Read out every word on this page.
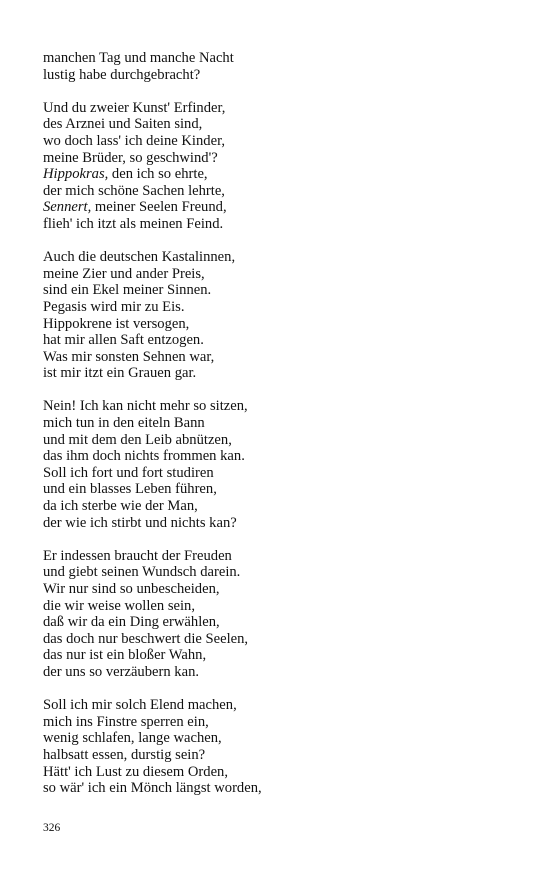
manchen Tag und manche Nacht
lustig habe durchgebracht?
Und du zweier Kunst' Erfinder,
des Arznei und Saiten sind,
wo doch lass' ich deine Kinder,
meine Brüder, so geschwind'?
Hippokras, den ich so ehrte,
der mich schöne Sachen lehrte,
Sennert, meiner Seelen Freund,
flieh' ich itzt als meinen Feind.
Auch die deutschen Kastalinnen,
meine Zier und ander Preis,
sind ein Ekel meiner Sinnen.
Pegasis wird mir zu Eis.
Hippokrene ist versogen,
hat mir allen Saft entzogen.
Was mir sonsten Sehnen war,
ist mir itzt ein Grauen gar.
Nein! Ich kan nicht mehr so sitzen,
mich tun in den eiteln Bann
und mit dem den Leib abnützen,
das ihm doch nichts frommen kan.
Soll ich fort und fort studiren
und ein blasses Leben führen,
da ich sterbe wie der Man,
der wie ich stirbt und nichts kan?
Er indessen braucht der Freuden
und giebt seinen Wundsch darein.
Wir nur sind so unbescheiden,
die wir weise wollen sein,
daß wir da ein Ding erwählen,
das doch nur beschwert die Seelen,
das nur ist ein bloßer Wahn,
der uns so verzäubern kan.
Soll ich mir solch Elend machen,
mich ins Finstre sperren ein,
wenig schlafen, lange wachen,
halbsatt essen, durstig sein?
Hätt' ich Lust zu diesem Orden,
so wär' ich ein Mönch längst worden,
326
